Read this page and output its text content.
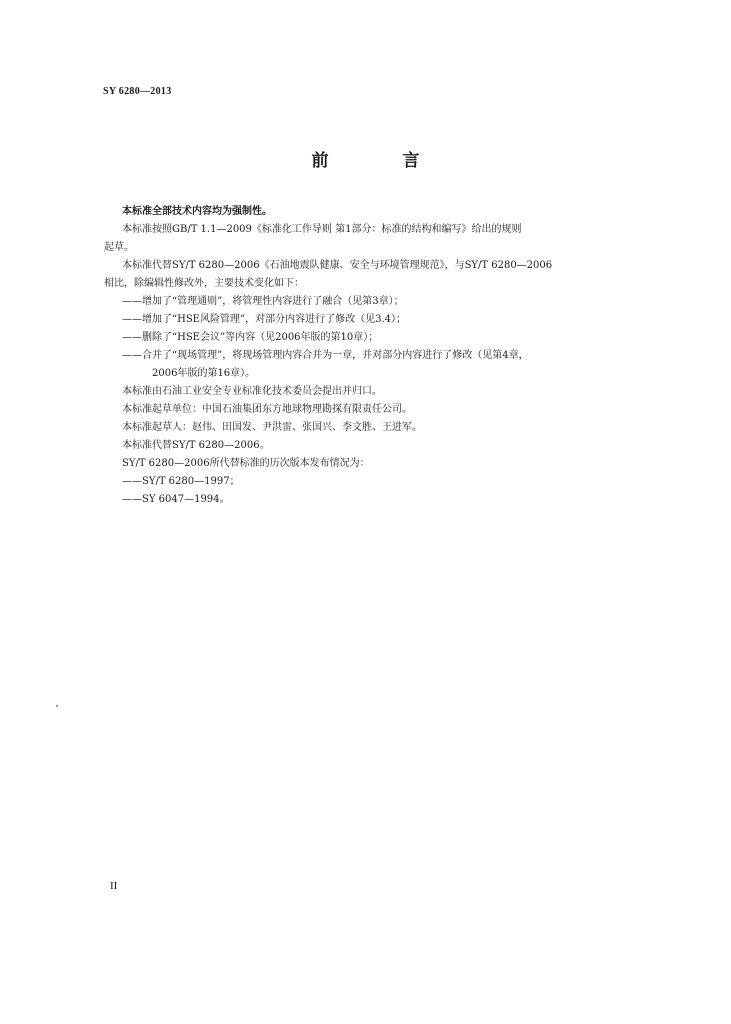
SY 6280—2013
前 言

本标准全部技术内容均为强制性。

本标准按照GB/T 1.1—2009《标准化工作导则 第1部分：标准的结构和编写》给出的规则

起草。

本标准代替SY/T 6280—2006《石油地震队健康、安全与环境管理规范》，与SY/T 6280—2006

相比，除编辑性修改外，主要技术变化如下：

——增加了“管理通则”，将管理性内容进行了融合（见第3章）；

——增加了“HSE风险管理”，对部分内容进行了修改（见3.4）；

——删除了“HSE会议”等内容（见2006年版的第10章）；

——合并了“现场管理”，将现场管理内容合并为一章，并对部分内容进行了修改（见第4章，

2006年版的第16章）。

本标准由石油工业安全专业标准化技术委员会提出并归口。

本标准起草单位：中国石油集团东方地球物理勘探有限责任公司。

本标准起草人：赵伟、田国发、尹洪雷、张国兴、李文胜、王进军。

本标准代替SY/T 6280—2006。

SY/T 6280—2006所代替标准的历次版本发布情况为：

——SY/T 6280—1997；

——SY 6047—1994。

II
